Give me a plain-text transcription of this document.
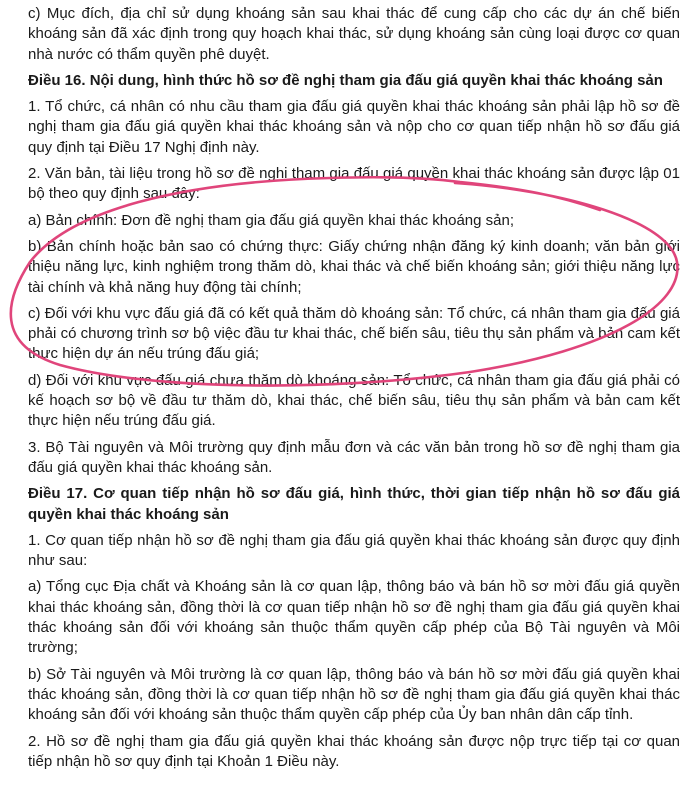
c) Mục đích, địa chỉ sử dụng khoáng sản sau khai thác để cung cấp cho các dự án chế biến khoáng sản đã xác định trong quy hoạch khai thác, sử dụng khoáng sản cùng loại được cơ quan nhà nước có thẩm quyền phê duyệt.
Điều 16. Nội dung, hình thức hồ sơ đề nghị tham gia đấu giá quyền khai thác khoáng sản
1. Tổ chức, cá nhân có nhu cầu tham gia đấu giá quyền khai thác khoáng sản phải lập hồ sơ đề nghị tham gia đấu giá quyền khai thác khoáng sản và nộp cho cơ quan tiếp nhận hồ sơ đấu giá quy định tại Điều 17 Nghị định này.
2. Văn bản, tài liệu trong hồ sơ đề nghị tham gia đấu giá quyền khai thác khoáng sản được lập 01 bộ theo quy định sau đây:
a) Bản chính: Đơn đề nghị tham gia đấu giá quyền khai thác khoáng sản;
b) Bản chính hoặc bản sao có chứng thực: Giấy chứng nhận đăng ký kinh doanh; văn bản giới thiệu năng lực, kinh nghiệm trong thăm dò, khai thác và chế biến khoáng sản; giới thiệu năng lực tài chính và khả năng huy động tài chính;
c) Đối với khu vực đấu giá đã có kết quả thăm dò khoáng sản: Tổ chức, cá nhân tham gia đấu giá phải có chương trình sơ bộ việc đầu tư khai thác, chế biến sâu, tiêu thụ sản phẩm và bản cam kết thực hiện dự án nếu trúng đấu giá;
d) Đối với khu vực đấu giá chưa thăm dò khoáng sản: Tổ chức, cá nhân tham gia đấu giá phải có kế hoạch sơ bộ về đầu tư thăm dò, khai thác, chế biến sâu, tiêu thụ sản phẩm và bản cam kết thực hiện nếu trúng đấu giá.
3. Bộ Tài nguyên và Môi trường quy định mẫu đơn và các văn bản trong hồ sơ đề nghị tham gia đấu giá quyền khai thác khoáng sản.
Điều 17. Cơ quan tiếp nhận hồ sơ đấu giá, hình thức, thời gian tiếp nhận hồ sơ đấu giá quyền khai thác khoáng sản
1. Cơ quan tiếp nhận hồ sơ đề nghị tham gia đấu giá quyền khai thác khoáng sản được quy định như sau:
a) Tổng cục Địa chất và Khoáng sản là cơ quan lập, thông báo và bán hồ sơ mời đấu giá quyền khai thác khoáng sản, đồng thời là cơ quan tiếp nhận hồ sơ đề nghị tham gia đấu giá quyền khai thác khoáng sản đối với khoáng sản thuộc thẩm quyền cấp phép của Bộ Tài nguyên và Môi trường;
b) Sở Tài nguyên và Môi trường là cơ quan lập, thông báo và bán hồ sơ mời đấu giá quyền khai thác khoáng sản, đồng thời là cơ quan tiếp nhận hồ sơ đề nghị tham gia đấu giá quyền khai thác khoáng sản đối với khoáng sản thuộc thẩm quyền cấp phép của Ủy ban nhân dân cấp tỉnh.
2. Hồ sơ đề nghị tham gia đấu giá quyền khai thác khoáng sản được nộp trực tiếp tại cơ quan tiếp nhận hồ sơ quy định tại Khoản 1 Điều này.
